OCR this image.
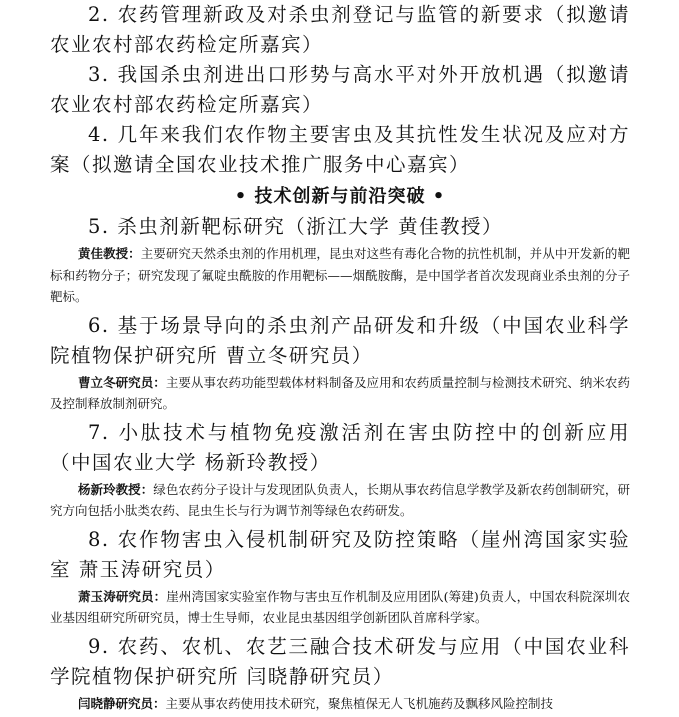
2. 农药管理新政及对杀虫剂登记与监管的新要求（拟邀请农业农村部农药检定所嘉宾）

3. 我国杀虫剂进出口形势与高水平对外开放机遇（拟邀请农业农村部农药检定所嘉宾）

4. 几年来我们农作物主要害虫及其抗性发生状况及应对方案（拟邀请全国农业技术推广服务中心嘉宾）

• 技术创新与前沿突破 •

5. 杀虫剂新靶标研究（浙江大学 黄佳教授）

黄佳教授：主要研究天然杀虫剂的作用机理，昆虫对这些有毒化合物的抗性机制，并从中开发新的靶标和药物分子；研究发现了氟啶虫酰胺的作用靶标——烟酰胺酶，是中国学者首次发现商业杀虫剂的分子靶标。

6. 基于场景导向的杀虫剂产品研发和升级（中国农业科学院植物保护研究所 曹立冬研究员）

曹立冬研究员：主要从事农药功能型载体材料制备及应用和农药质量控制与检测技术研究、纳米农药及控制释放制剂研究。

7. 小肽技术与植物免疫激活剂在害虫防控中的创新应用（中国农业大学 杨新玲教授）

杨新玲教授：绿色农药分子设计与发现团队负责人，长期从事农药信息学教学及新农药创制研究，研究方向包括小肽类农药、昆虫生长与行为调节剂等绿色农药研发。

8. 农作物害虫入侵机制研究及防控策略（崖州湾国家实验室 萧玉涛研究员）

萧玉涛研究员：崖州湾国家实验室作物与害虫互作机制及应用团队(筹建)负责人，中国农科院深圳农业基因组研究所研究员，博士生导师，农业昆虫基因组学创新团队首席科学家。

9. 农药、农机、农艺三融合技术研发与应用（中国农业科学院植物保护研究所 闫晓静研究员）

闫晓静研究员：主要从事农药使用技术研究，聚焦植保无人飞机施药及飘移风险控制技
